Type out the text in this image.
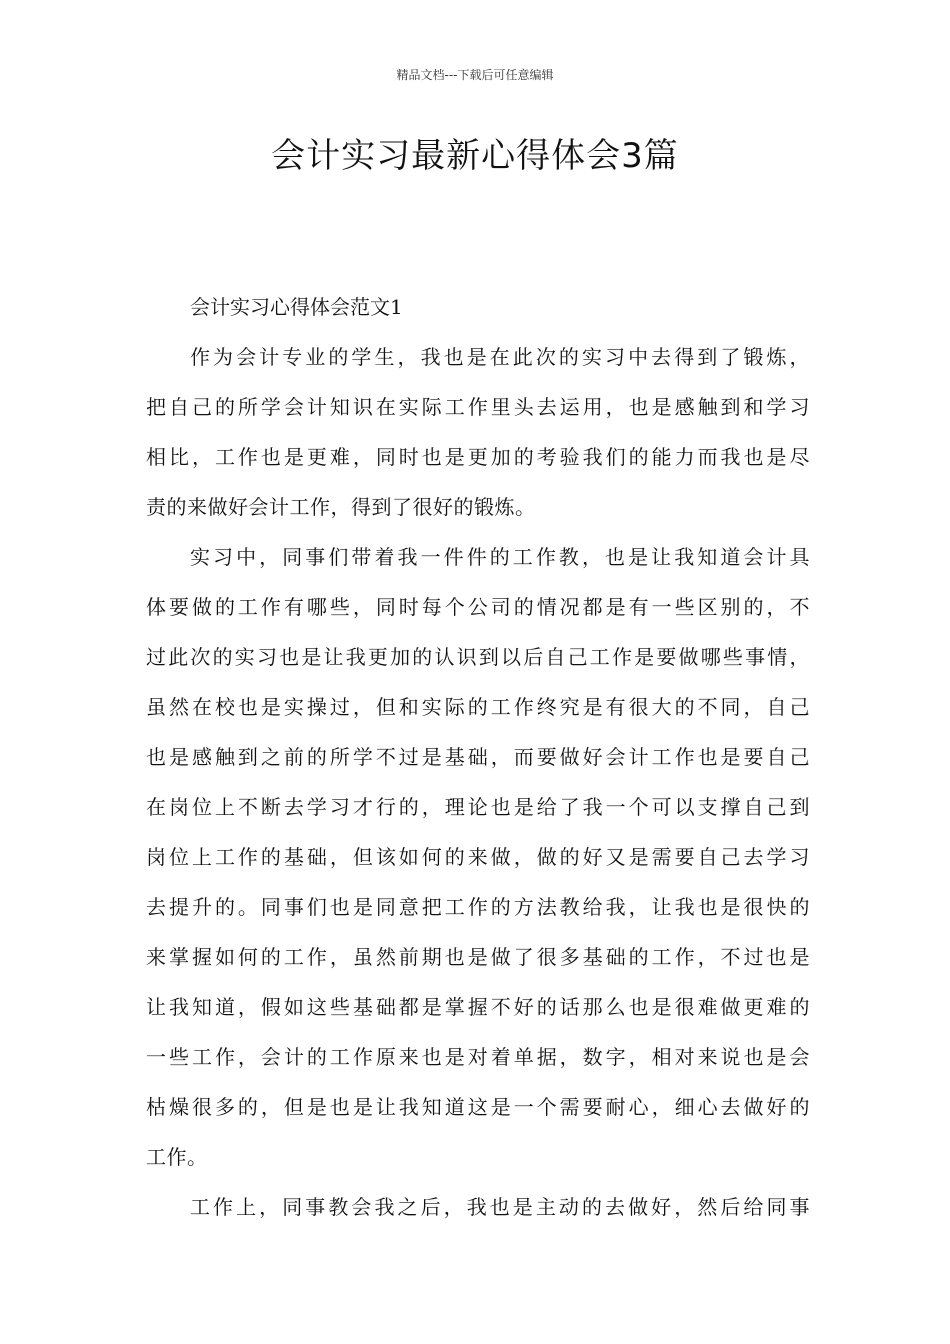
精品文档---下载后可任意编辑
会计实习最新心得体会3篇
会计实习心得体会范文1
作为会计专业的学生，我也是在此次的实习中去得到了锻炼，
把自己的所学会计知识在实际工作里头去运用，也是感触到和学习
相比，工作也是更难，同时也是更加的考验我们的能力而我也是尽
责的来做好会计工作，得到了很好的锻炼。
实习中，同事们带着我一件件的工作教，也是让我知道会计具
体要做的工作有哪些，同时每个公司的情况都是有一些区别的，不
过此次的实习也是让我更加的认识到以后自己工作是要做哪些事情，
虽然在校也是实操过，但和实际的工作终究是有很大的不同，自己
也是感触到之前的所学不过是基础，而要做好会计工作也是要自己
在岗位上不断去学习才行的，理论也是给了我一个可以支撑自己到
岗位上工作的基础，但该如何的来做，做的好又是需要自己去学习
去提升的。同事们也是同意把工作的方法教给我，让我也是很快的
来掌握如何的工作，虽然前期也是做了很多基础的工作，不过也是
让我知道，假如这些基础都是掌握不好的话那么也是很难做更难的
一些工作，会计的工作原来也是对着单据，数字，相对来说也是会
枯燥很多的，但是也是让我知道这是一个需要耐心，细心去做好的
工作。
工作上，同事教会我之后，我也是主动的去做好，然后给同事
